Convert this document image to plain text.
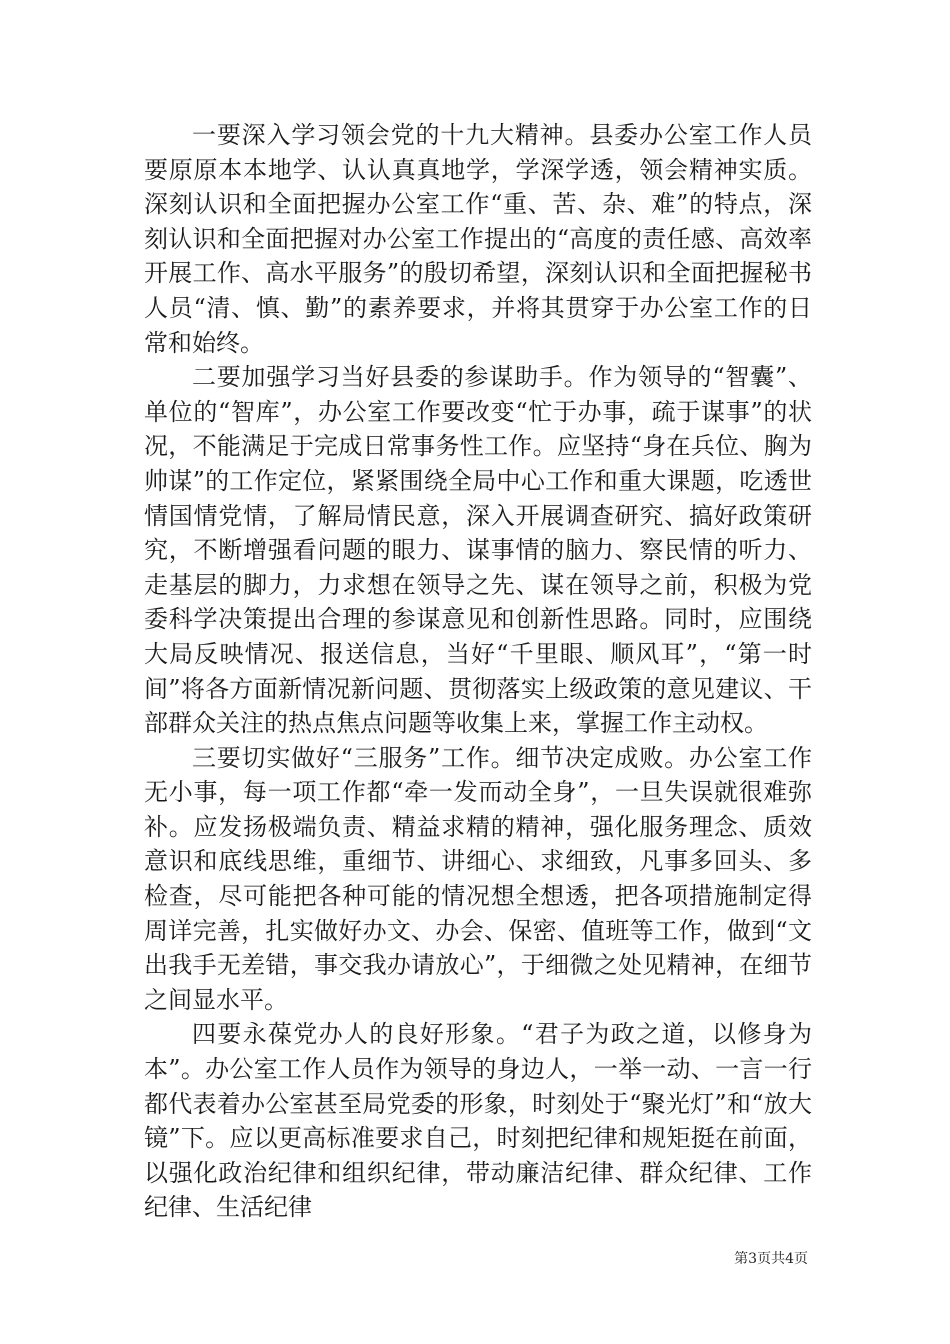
一要深入学习领会党的十九大精神。县委办公室工作人员要原原本本地学、认认真真地学，学深学透，领会精神实质。深刻认识和全面把握办公室工作“重、苦、杂、难”的特点，深刻认识和全面把握对办公室工作提出的“高度的责任感、高效率开展工作、高水平服务”的殷切希望，深刻认识和全面把握秘书人员“清、慎、勤”的素养要求，并将其贯穿于办公室工作的日常和始终。

二要加强学习当好县委的参谋助手。作为领导的“智囊”、单位的“智库”，办公室工作要改变“忙于办事，疏于谋事”的状况，不能满足于完成日常事务性工作。应坚持“身在兵位、胸为帅谋”的工作定位，紧紧围绕全局中心工作和重大课题，吃透世情国情党情，了解局情民意，深入开展调查研究、搞好政策研究，不断增强看问题的眼力、谋事情的脑力、察民情的听力、走基层的脚力，力求想在领导之先、谋在领导之前，积极为党委科学决策提出合理的参谋意见和创新性思路。同时，应围绕大局反映情况、报送信息，当好“千里眼、顺风耳”，“第一时间”将各方面新情况新问题、贯彻落实上级政策的意见建议、干部群众关注的热点焦点问题等收集上来，掌握工作主动权。

三要切实做好“三服务”工作。细节决定成败。办公室工作无小事，每一项工作都“牵一发而动全身”，一旦失误就很难弥补。应发扬极端负责、精益求精的精神，强化服务理念、质效意识和底线思维，重细节、讲细心、求细致，凡事多回头、多检查，尽可能把各种可能的情况想全想透，把各项措施制定得周详完善，扎实做好办文、办会、保密、值班等工作，做到“文出我手无差错，事交我办请放心”，于细微之处见精神，在细节之间显水平。

四要永葆党办人的良好形象。“君子为政之道，以修身为本”。办公室工作人员作为领导的身边人，一举一动、一言一行都代表着办公室甚至局党委的形象，时刻处于“聚光灯”和“放大镜”下。应以更高标准要求自己，时刻把纪律和规矩挺在前面，以强化政治纪律和组织纪律，带动廉洁纪律、群众纪律、工作纪律、生活纪律

第3页共4页
